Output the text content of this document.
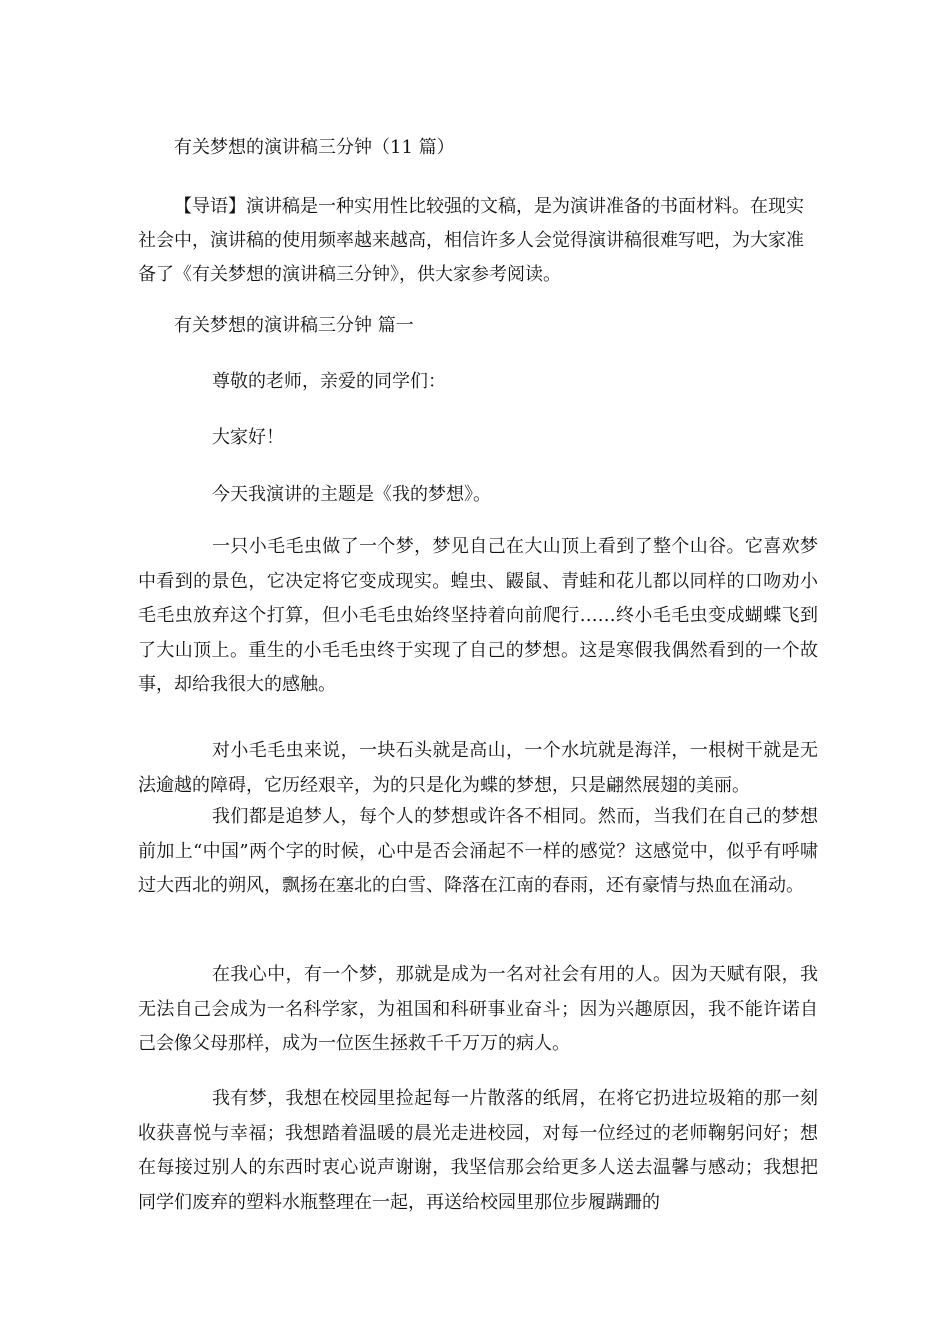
有关梦想的演讲稿三分钟（11 篇）
【导语】演讲稿是一种实用性比较强的文稿，是为演讲准备的书面材料。在现实社会中，演讲稿的使用频率越来越高，相信许多人会觉得演讲稿很难写吧，为大家准备了《有关梦想的演讲稿三分钟》，供大家参考阅读。
有关梦想的演讲稿三分钟 篇一
尊敬的老师，亲爱的同学们：
大家好！
今天我演讲的主题是《我的梦想》。
一只小毛毛虫做了一个梦，梦见自己在大山顶上看到了整个山谷。它喜欢梦中看到的景色，它决定将它变成现实。蝗虫、鼹鼠、青蛙和花儿都以同样的口吻劝小毛毛虫放弃这个打算，但小毛毛虫始终坚持着向前爬行……终小毛毛虫变成蝴蝶飞到了大山顶上。重生的小毛毛虫终于实现了自己的梦想。这是寒假我偶然看到的一个故事，却给我很大的感触。
对小毛毛虫来说，一块石头就是高山，一个水坑就是海洋，一根树干就是无法逾越的障碍，它历经艰辛，为的只是化为蝶的梦想，只是翩然展翅的美丽。
我们都是追梦人，每个人的梦想或许各不相同。然而，当我们在自己的梦想前加上“中国”两个字的时候，心中是否会涌起不一样的感觉？这感觉中，似乎有呼啸过大西北的朔风，飘扬在塞北的白雪、降落在江南的春雨，还有豪情与热血在涌动。
在我心中，有一个梦，那就是成为一名对社会有用的人。因为天赋有限，我无法自己会成为一名科学家，为祖国和科研事业奋斗；因为兴趣原因，我不能许诺自己会像父母那样，成为一位医生拯救千千万万的病人。
我有梦，我想在校园里捡起每一片散落的纸屑，在将它扔进垃圾箱的那一刻收获喜悦与幸福；我想踏着温暖的晨光走进校园，对每一位经过的老师鞠躬问好；想在每接过别人的东西时衷心说声谢谢，我坚信那会给更多人送去温馨与感动；我想把同学们废弃的塑料水瓶整理在一起，再送给校园里那位步履蹒跚的
